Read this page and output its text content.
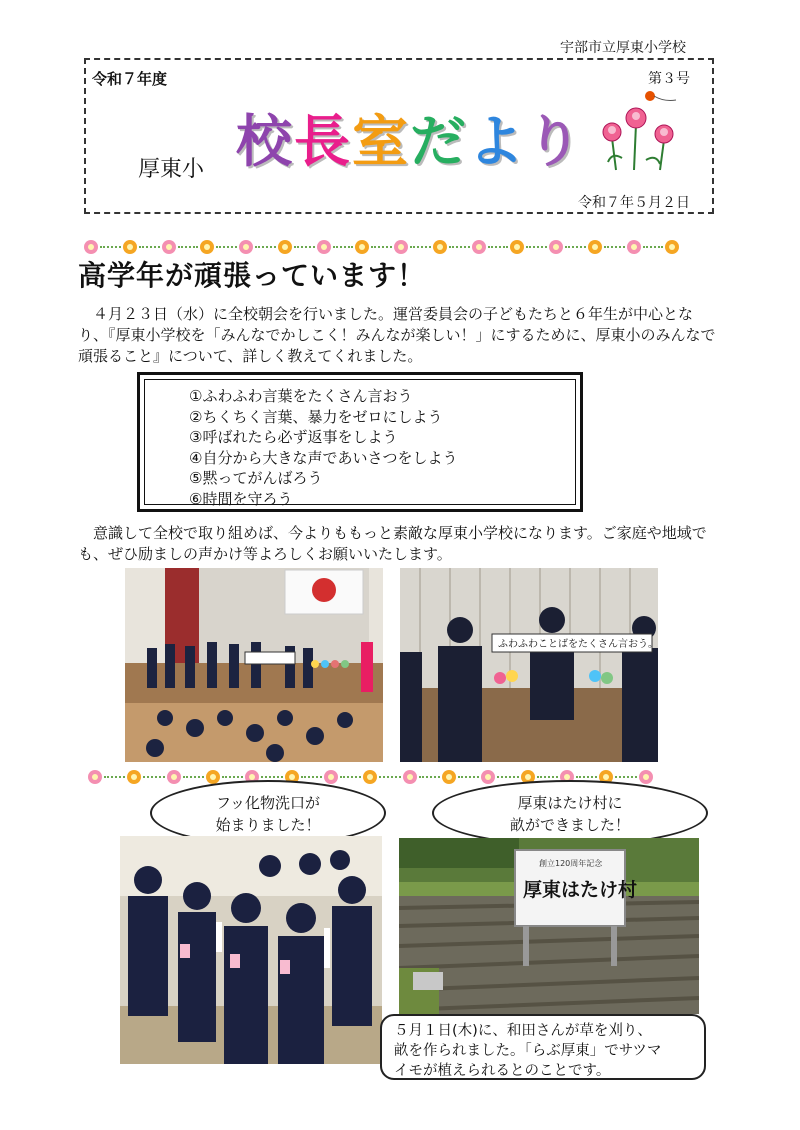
宇部市立厚東小学校
令和７年度	第３号
厚東小 校長室だより
令和７年５月２日
高学年が頑張っています！
４月２３日（水）に全校朝会を行いました。運営委員会の子どもたちと６年生が中心となり、『厚東小学校を「みんなでかしこく！みんなが楽しい！」にするために、厚東小のみんなで頑張ること』について、詳しく教えてくれました。
①ふわふわ言葉をたくさん言おう
②ちくちく言葉、暴力をゼロにしよう
③呼ばれたら必ず返事をしよう
④自分から大きな声であいさつをしよう
⑤黙ってがんばろう
⑥時間を守ろう
意識して全校で取り組めば、今よりももっと素敵な厚東小学校になります。ご家庭や地域でも、ぜひ励ましの声かけ等よろしくお願いいたします。
ふわふわことばをたくさん言おう。
フッ化物洗口が
始まりました！
厚東はたけ村に
畝ができました！
創立120周年記念
厚東はたけ村
５月１日(木)に、和田さんが草を刈り、
畝を作られました。「らぶ厚東」でサツマ
イモが植えられるとのことです。
